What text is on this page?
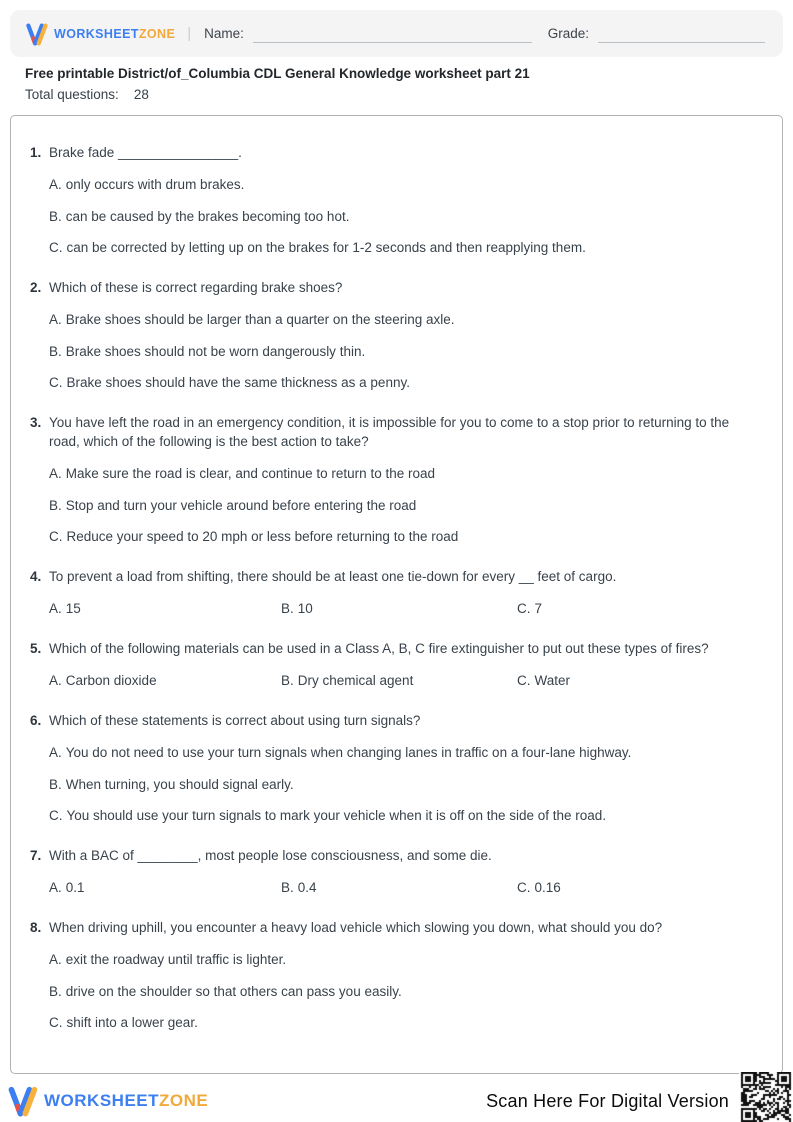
WORKSHEETZONE | Name:	Grade:
Free printable District/of_Columbia CDL General Knowledge worksheet part 21
Total questions: 28
1. Brake fade ________________.
A. only occurs with drum brakes.
B. can be caused by the brakes becoming too hot.
C. can be corrected by letting up on the brakes for 1-2 seconds and then reapplying them.
2. Which of these is correct regarding brake shoes?
A. Brake shoes should be larger than a quarter on the steering axle.
B. Brake shoes should not be worn dangerously thin.
C. Brake shoes should have the same thickness as a penny.
3. You have left the road in an emergency condition, it is impossible for you to come to a stop prior to returning to the road, which of the following is the best action to take?
A. Make sure the road is clear, and continue to return to the road
B. Stop and turn your vehicle around before entering the road
C. Reduce your speed to 20 mph or less before returning to the road
4. To prevent a load from shifting, there should be at least one tie-down for every __ feet of cargo.
A. 15	B. 10	C. 7
5. Which of the following materials can be used in a Class A, B, C fire extinguisher to put out these types of fires?
A. Carbon dioxide	B. Dry chemical agent	C. Water
6. Which of these statements is correct about using turn signals?
A. You do not need to use your turn signals when changing lanes in traffic on a four-lane highway.
B. When turning, you should signal early.
C. You should use your turn signals to mark your vehicle when it is off on the side of the road.
7. With a BAC of ________, most people lose consciousness, and some die.
A. 0.1	B. 0.4	C. 0.16
8. When driving uphill, you encounter a heavy load vehicle which slowing you down, what should you do?
A. exit the roadway until traffic is lighter.
B. drive on the shoulder so that others can pass you easily.
C. shift into a lower gear.
WORKSHEETZONE	Scan Here For Digital Version
